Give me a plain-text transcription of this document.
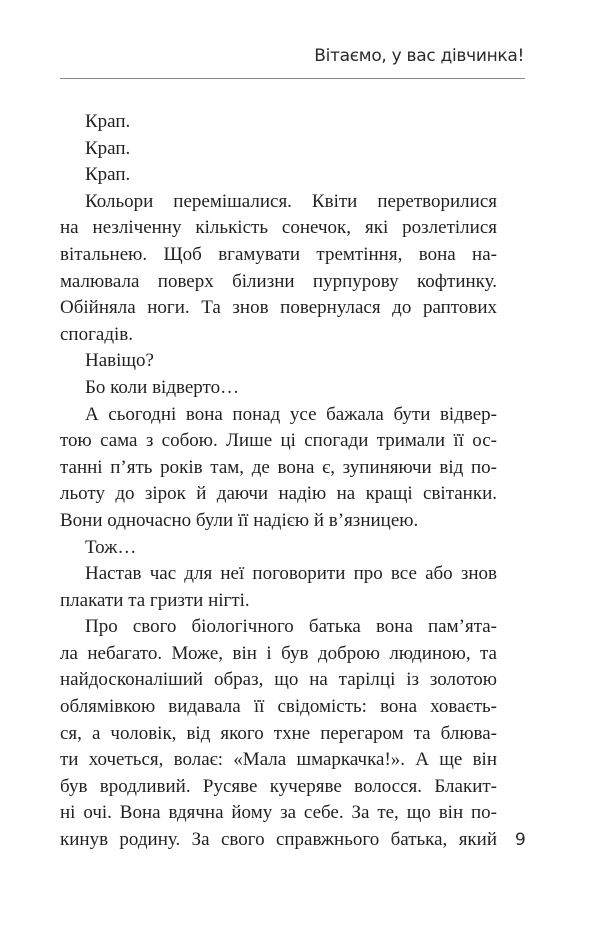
Вітаємо, у вас дівчинка!
Крап.
Крап.
Крап.
Кольори перемішалися. Квіти перетворилися
на незліченну кількість сонечок, які розлетілися
вітальнею. Щоб вгамувати тремтіння, вона на-
малювала поверх білизни пурпурову кофтинку.
Обійняла ноги. Та знов повернулася до раптових
спогадів.
Навіщо?
Бо коли відверто…
А сьогодні вона понад усе бажала бути відвер-
тою сама з собою. Лише ці спогади тримали її ос-
танні п’ять років там, де вона є, зупиняючи від по-
льоту до зірок й даючи надію на кращі світанки.
Вони одночасно були її надією й в’язницею.
Тож…
Настав час для неї поговорити про все або знов
плакати та гризти нігті.
Про свого біологічного батька вона пам’ята-
ла небагато. Може, він і був доброю людиною, та
найдосконаліший образ, що на тарілці із золотою
облямівкою видавала її свідомість: вона ховаєть-
ся, а чоловік, від якого тхне перегаром та блюва-
ти хочеться, волає: «Мала шмаркачка!». А ще він
був вродливий. Русяве кучеряве волосся. Блакит-
ні очі. Вона вдячна йому за себе. За те, що він по-
кинув родину. За свого справжнього батька, який 9
